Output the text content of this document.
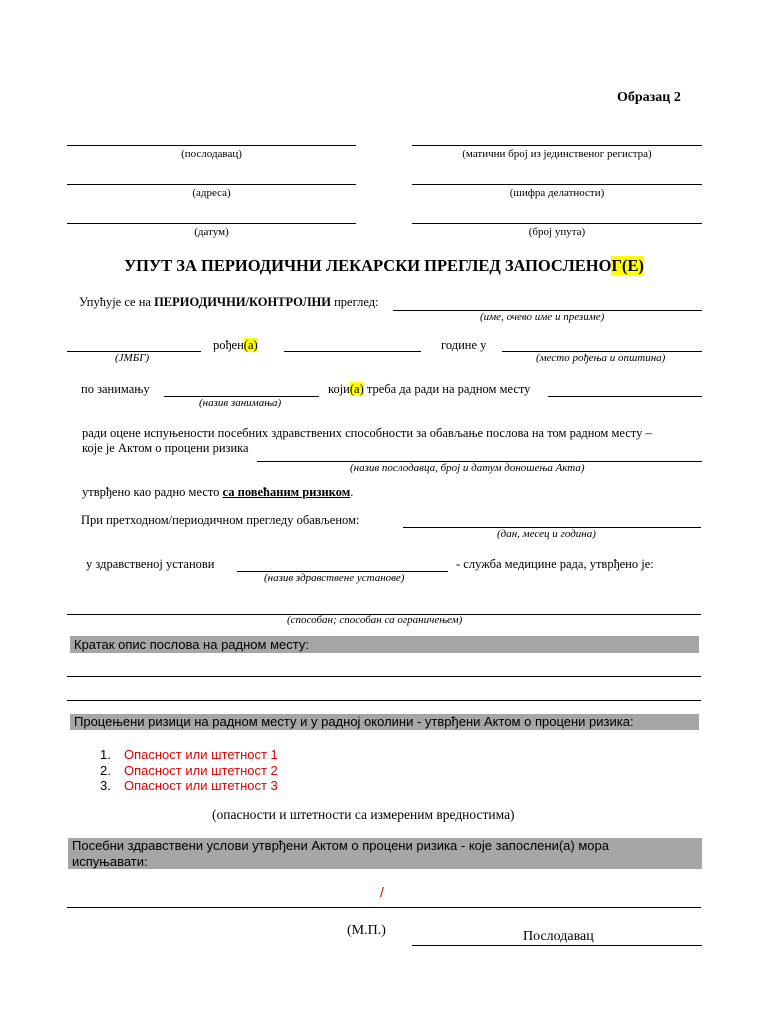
Образац 2
(послодавац)	(матични број из јединственог регистра)
(адреса)	(шифра делатности)
(датум)	(број упута)
УПУТ ЗА ПЕРИОДИЧНИ ЛЕКАРСКИ ПРЕГЛЕД ЗАПОСЛЕНОГ(Е)
Упућује се на ПЕРИОДИЧНИ/КОНТРОЛНИ преглед:
(име, очево име и презиме)
(ЈМБГ)
рођен(а)	године у
(место рођења и општина)
по занимању
(назив занимања)
који(а) треба да ради на радном месту
ради оцене испуњености посебних здравствених способности за обављање послова на том радном месту –
које је Актом о процени ризика
(назив послодавца, број и датум доношења Акта)
утврђено као радно место са повећаним ризиком.
При претходном/периодичном прегледу обављеном:
(дан, месец и година)
у здравственој установи
(назив здравствене установе)
- служба медицине рада, утврђено је:
(способан; способан са ограничењем)
Кратак опис послова на радном месту:
Процењени ризици на радном месту и у радној околини - утврђени Актом о процени ризика:
1. Опасност или штетност 1
2. Опасност или штетност 2
3. Опасност или штетност 3
(опасности и штетности са измереним вредностима)
Посебни здравствени услови утврђени Актом о процени ризика - које запослени(а) мора
испуњавати:
/
(М.П.)	Послодавац
